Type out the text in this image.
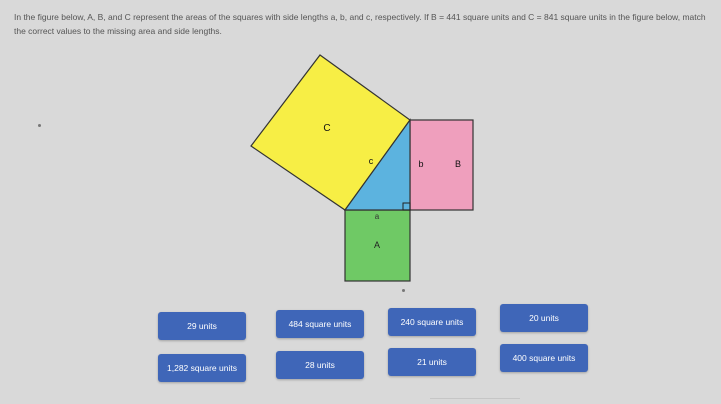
In the figure below, A, B, and C represent the areas of the squares with side lengths a, b, and c, respectively. If B = 441 square units and C = 841 square units in the figure below, match the correct values to the missing area and side lengths.
C
c	b	B
a
A
29 units	484 square units	240 square units	20 units
1,282 square units	28 units	21 units	400 square units
